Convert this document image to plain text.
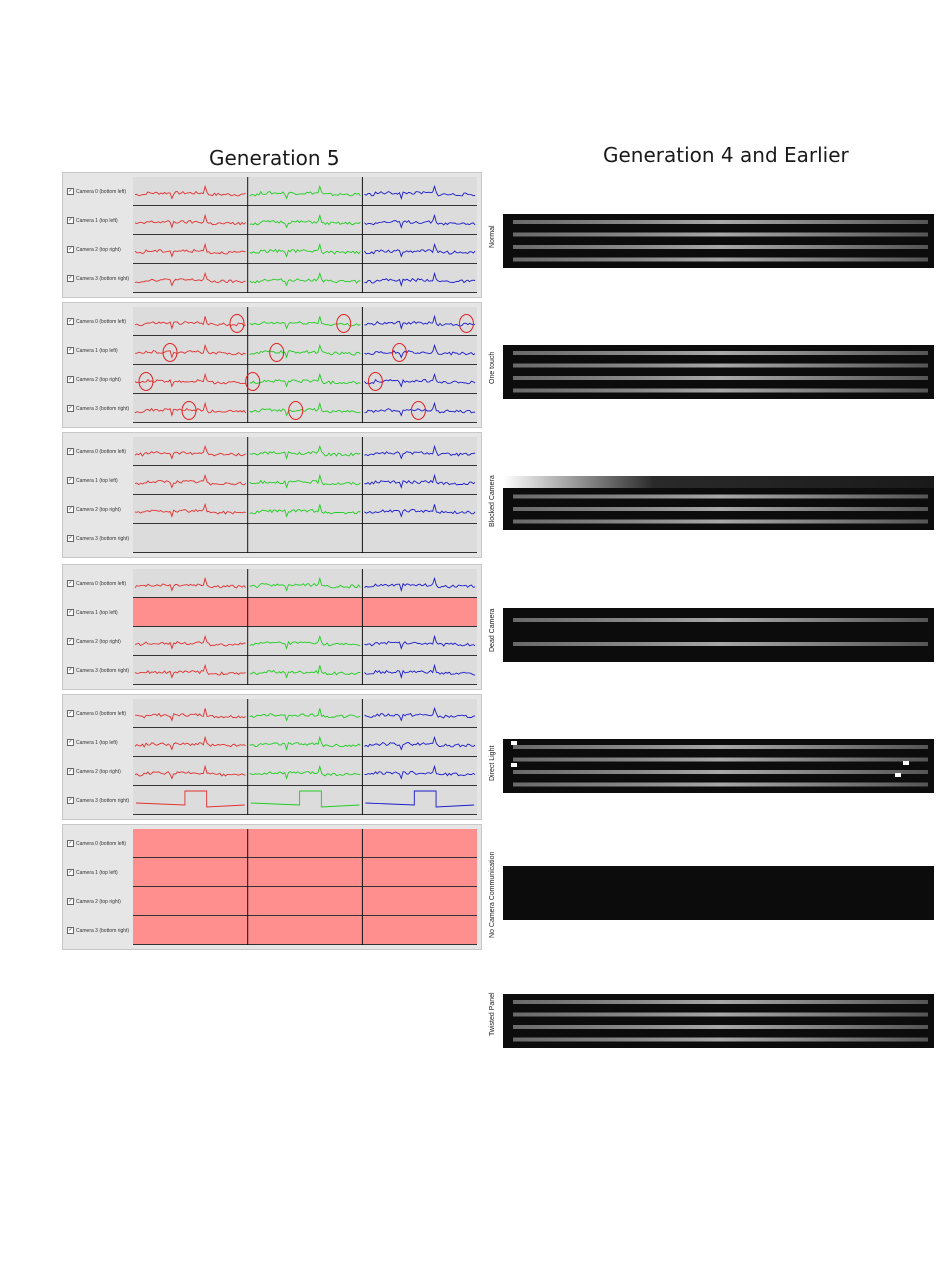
Generation 5	Generation 4 and Earlier
✓ Camera 0 (bottom left)
✓ Camera 1 (top left)
✓ Camera 2 (top right)
✓ Camera 3 (bottom right)
✓ Camera 0 (bottom left)
✓ Camera 1 (top left)
✓ Camera 2 (top right)
✓ Camera 3 (bottom right)
✓ Camera 0 (bottom left)
✓ Camera 1 (top left)
✓ Camera 2 (top right)
✓ Camera 3 (bottom right)
✓ Camera 0 (bottom left)
✓ Camera 1 (top left)
✓ Camera 2 (top right)
✓ Camera 3 (bottom right)
✓ Camera 0 (bottom left)
✓ Camera 1 (top left)
✓ Camera 2 (top right)
✓ Camera 3 (bottom right)
✓ Camera 0 (bottom left)
✓ Camera 1 (top left)
✓ Camera 2 (top right)
✓ Camera 3 (bottom right)
Normal
One touch
Blocked Camera
Dead Camera
Direct Light
No Camera Communication
Twisted Panel
